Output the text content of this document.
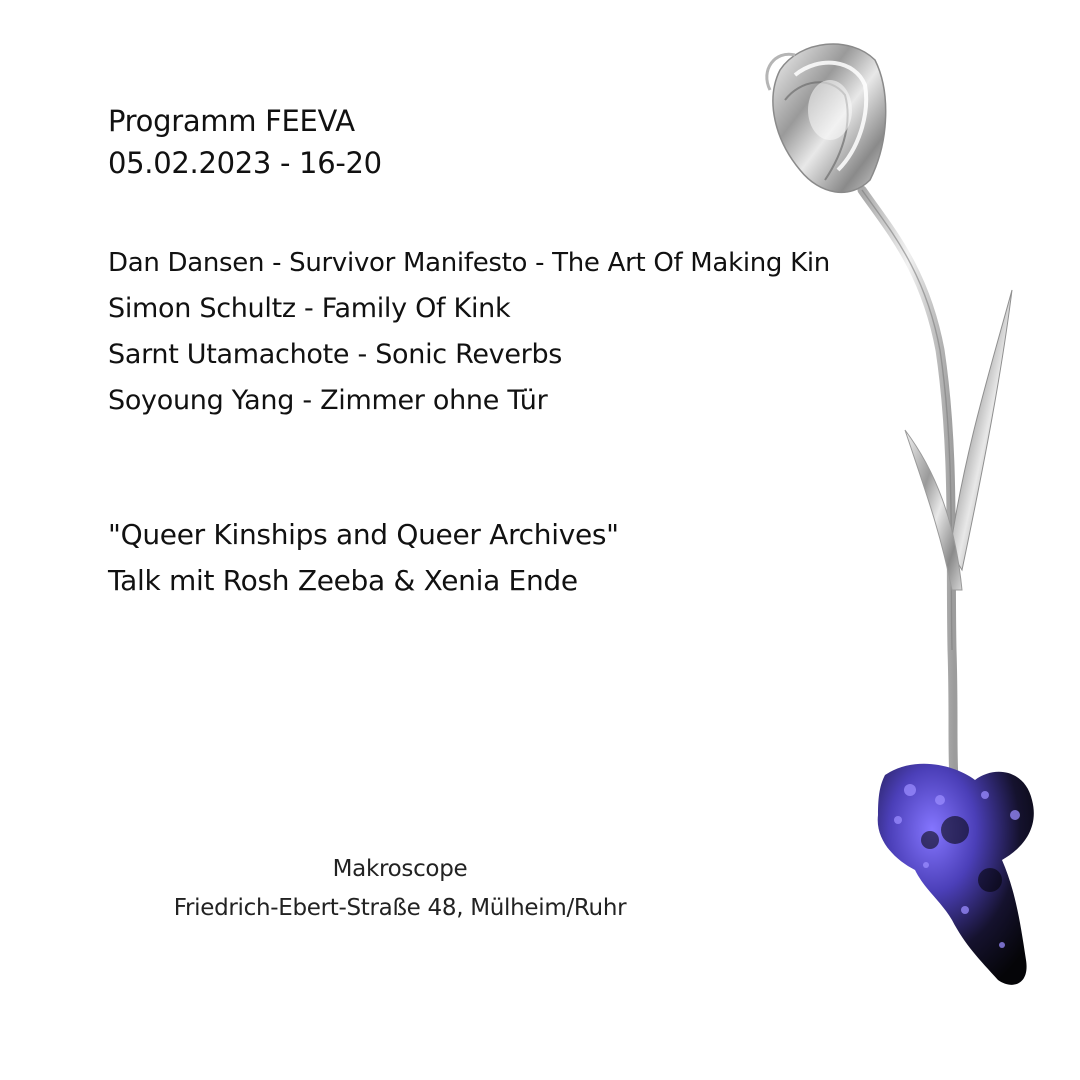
Programm FEEVA
05.02.2023 - 16-20
Dan Dansen - Survivor Manifesto - The Art Of Making Kin
Simon Schultz - Family Of Kink
Sarnt Utamachote - Sonic Reverbs
Soyoung Yang - Zimmer ohne Tür
"Queer Kinships and Queer Archives"
Talk mit Rosh Zeeba & Xenia Ende
Makroscope
Friedrich-Ebert-Straße 48, Mülheim/Ruhr
